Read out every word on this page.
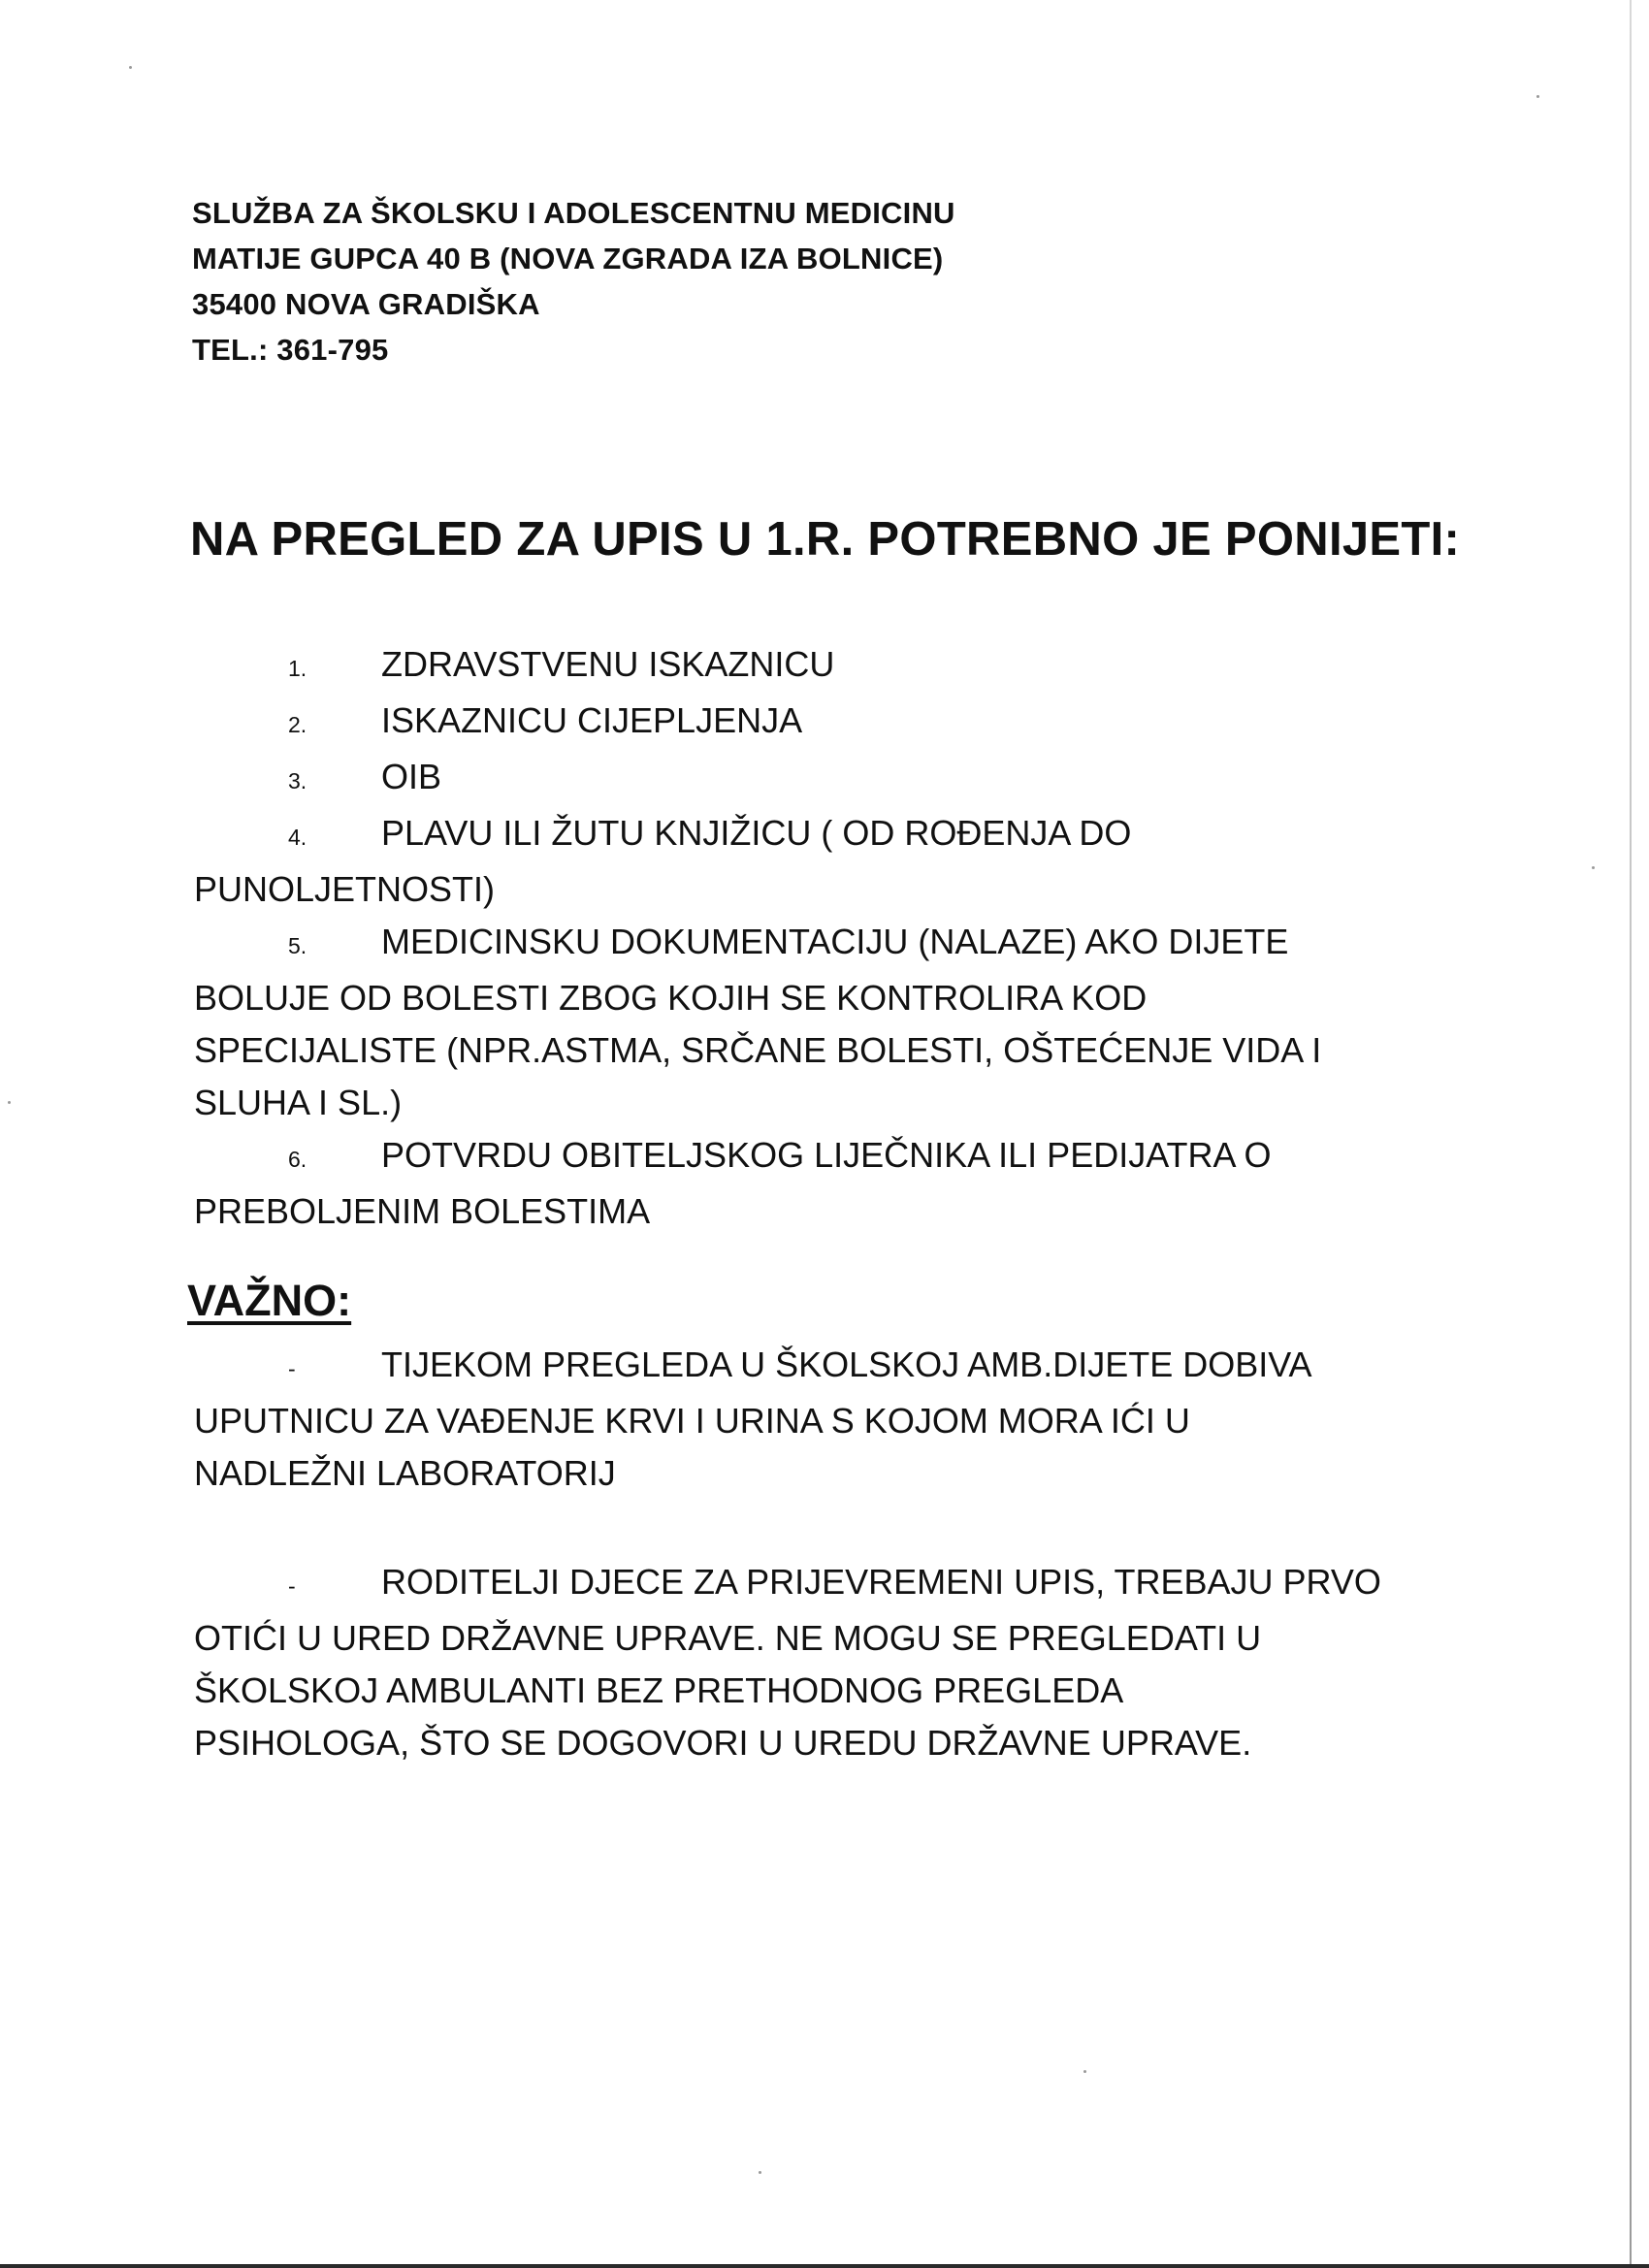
SLUŽBA ZA ŠKOLSKU I ADOLESCENTNU MEDICINU
MATIJE GUPCA 40 B (NOVA ZGRADA IZA BOLNICE)
35400 NOVA GRADIŠKA
TEL.: 361-795
NA PREGLED ZA UPIS U 1.R. POTREBNO JE PONIJETI:
1. ZDRAVSTVENU ISKAZNICU
2. ISKAZNICU CIJEPLJENJA
3. OIB
4. PLAVU ILI ŽUTU KNJIŽICU ( OD ROĐENJA DO
PUNOLJETNOSTI)
5. MEDICINSKU DOKUMENTACIJU (NALAZE) AKO DIJETE
BOLUJE OD BOLESTI ZBOG KOJIH SE KONTROLIRA KOD
SPECIJALISTE (NPR.ASTMA, SRČANE BOLESTI, OŠTEĆENJE VIDA I
SLUHA I SL.)
6. POTVRDU OBITELJSKOG LIJEČNIKA ILI PEDIJATRA O
PREBOLJENIM BOLESTIMA
VAŽNO:
- TIJEKOM PREGLEDA U ŠKOLSKOJ AMB.DIJETE DOBIVA
UPUTNICU ZA VAĐENJE KRVI I URINA S KOJOM MORA IĆI U
NADLEŽNI LABORATORIJ
- RODITELJI DJECE ZA PRIJEVREMENI UPIS, TREBAJU PRVO
OTIĆI U URED DRŽAVNE UPRAVE. NE MOGU SE PREGLEDATI U
ŠKOLSKOJ AMBULANTI BEZ PRETHODNOG PREGLEDA
PSIHOLOGA, ŠTO SE DOGOVORI U UREDU DRŽAVNE UPRAVE.
